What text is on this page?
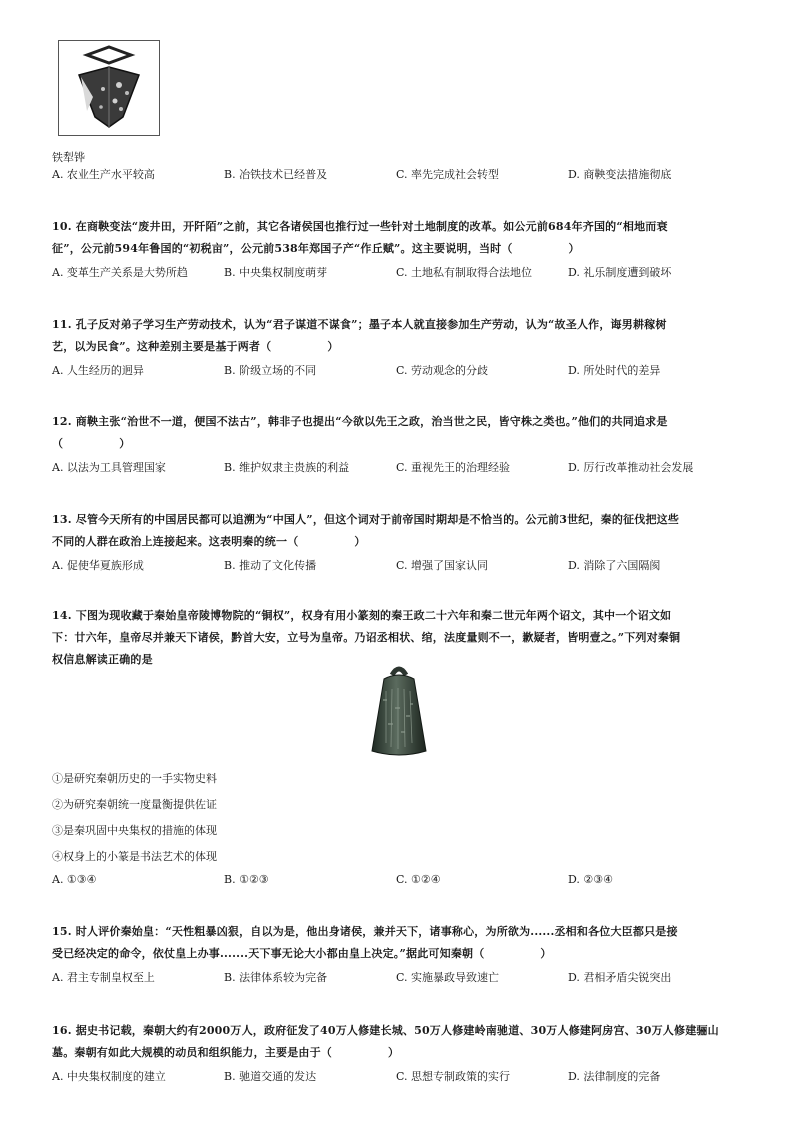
铁犁铧
A. 农业生产水平较高	B. 冶铁技术已经普及	C. 率先完成社会转型	D. 商鞅变法措施彻底
10. 在商鞅变法“废井田，开阡陌”之前，其它各诸侯国也推行过一些针对土地制度的改革。如公元前684年齐国的“相地而衰
征”，公元前594年鲁国的“初税亩”，公元前538年郑国子产“作丘赋”。这主要说明，当时（　　　　　）
A. 变革生产关系是大势所趋	B. 中央集权制度萌芽	C. 土地私有制取得合法地位	D. 礼乐制度遭到破坏
11. 孔子反对弟子学习生产劳动技术，认为“君子谋道不谋食”；墨子本人就直接参加生产劳动，认为“故圣人作，诲男耕稼树
艺，以为民食”。这种差别主要是基于两者（　　　　　）
A. 人生经历的迥异	B. 阶级立场的不同	C. 劳动观念的分歧	D. 所处时代的差异
12. 商鞅主张“治世不一道，便国不法古”，韩非子也提出“今欲以先王之政，治当世之民，皆守株之类也。”他们的共同追求是
（　　　　　）
A. 以法为工具管理国家	B. 维护奴隶主贵族的利益	C. 重视先王的治理经验	D. 厉行改革推动社会发展
13. 尽管今天所有的中国居民都可以追溯为“中国人”，但这个词对于前帝国时期却是不恰当的。公元前3世纪，秦的征伐把这些
不同的人群在政治上连接起来。这表明秦的统一（　　　　　）
A. 促使华夏族形成	B. 推动了文化传播	C. 增强了国家认同	D. 消除了六国隔阂
14. 下图为现收藏于秦始皇帝陵博物院的“铜权”，权身有用小篆刻的秦王政二十六年和秦二世元年两个诏文，其中一个诏文如
下：廿六年，皇帝尽并兼天下诸侯，黔首大安，立号为皇帝。乃诏丞相状、绾，法度量则不一，歉疑者，皆明壹之。”下列对秦铜
权信息解读正确的是
①是研究秦朝历史的一手实物史料
②为研究秦朝统一度量衡提供佐证
③是秦巩固中央集权的措施的体现
④权身上的小篆是书法艺术的体现
A. ①③④	B. ①②③	C. ①②④	D. ②③④
15. 时人评价秦始皇：“天性粗暴凶狠，自以为是，他出身诸侯，兼并天下，诸事称心，为所欲为......丞相和各位大臣都只是接
受已经决定的命令，依仗皇上办事.......天下事无论大小都由皇上决定。”据此可知秦朝（　　　　　）
A. 君主专制皇权至上	B. 法律体系较为完备	C. 实施暴政导致速亡	D. 君相矛盾尖锐突出
16. 据史书记载，秦朝大约有2000万人，政府征发了40万人修建长城、50万人修建岭南驰道、30万人修建阿房宫、30万人修建骊山
墓。秦朝有如此大规模的动员和组织能力，主要是由于（　　　　　）
A. 中央集权制度的建立	B. 驰道交通的发达	C. 思想专制政策的实行	D. 法律制度的完备
